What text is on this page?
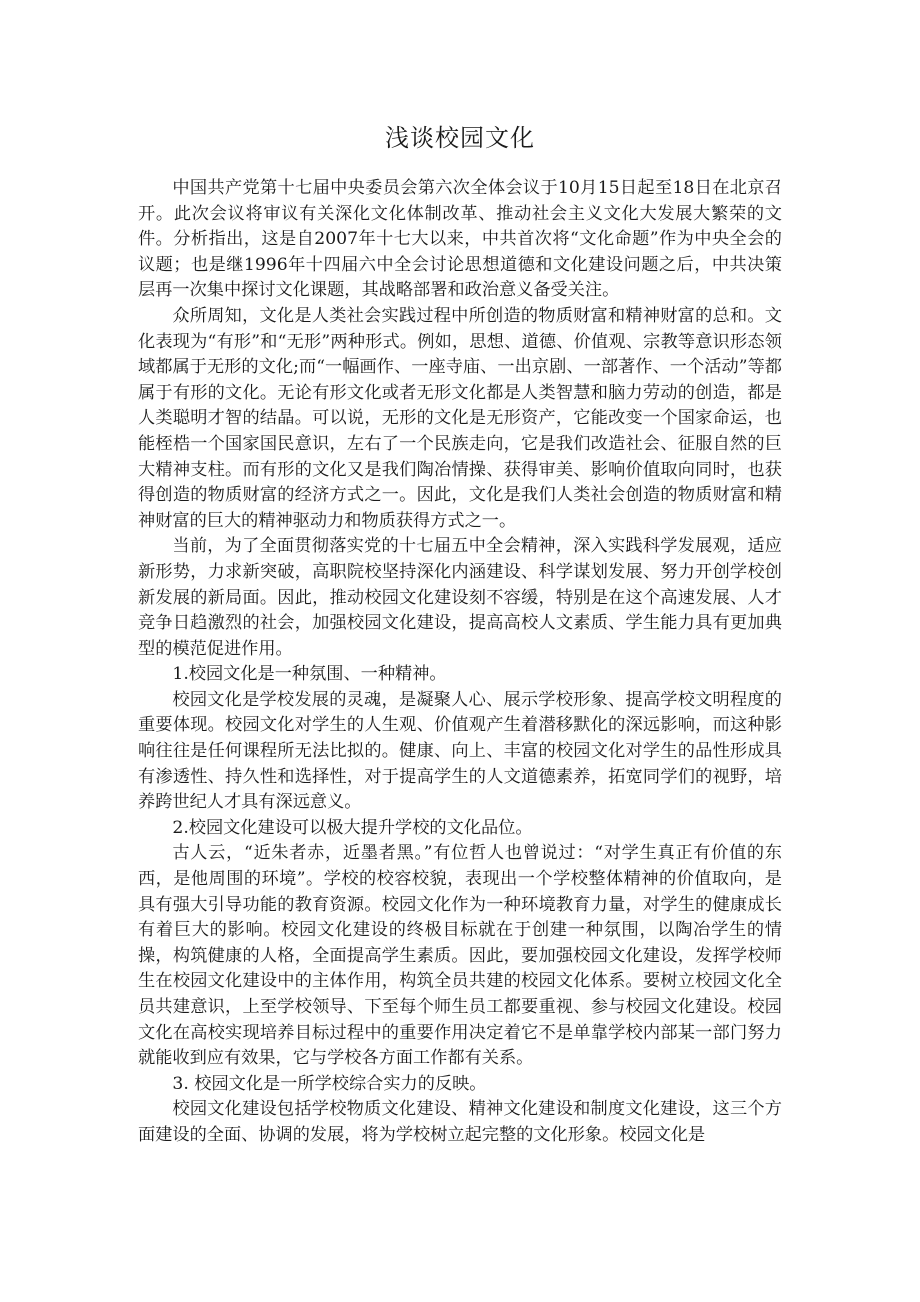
浅谈校园文化

中国共产党第十七届中央委员会第六次全体会议于10月15日起至18日在北京召开。此次会议将审议有关深化文化体制改革、推动社会主义文化大发展大繁荣的文件。分析指出，这是自2007年十七大以来，中共首次将“文化命题”作为中央全会的议题；也是继1996年十四届六中全会讨论思想道德和文化建设问题之后，中共决策层再一次集中探讨文化课题，其战略部署和政治意义备受关注。

众所周知，文化是人类社会实践过程中所创造的物质财富和精神财富的总和。文化表现为“有形”和“无形”两种形式。例如，思想、道德、价值观、宗教等意识形态领域都属于无形的文化;而“一幅画作、一座寺庙、一出京剧、一部著作、一个活动”等都属于有形的文化。无论有形文化或者无形文化都是人类智慧和脑力劳动的创造，都是人类聪明才智的结晶。可以说，无形的文化是无形资产，它能改变一个国家命运，也能桎梏一个国家国民意识，左右了一个民族走向，它是我们改造社会、征服自然的巨大精神支柱。而有形的文化又是我们陶冶情操、获得审美、影响价值取向同时，也获得创造的物质财富的经济方式之一。因此，文化是我们人类社会创造的物质财富和精神财富的巨大的精神驱动力和物质获得方式之一。

当前，为了全面贯彻落实党的十七届五中全会精神，深入实践科学发展观，适应新形势，力求新突破，高职院校坚持深化内涵建设、科学谋划发展、努力开创学校创新发展的新局面。因此，推动校园文化建设刻不容缓，特别是在这个高速发展、人才竞争日趋激烈的社会，加强校园文化建设，提高高校人文素质、学生能力具有更加典型的模范促进作用。

1.校园文化是一种氛围、一种精神。

校园文化是学校发展的灵魂，是凝聚人心、展示学校形象、提高学校文明程度的重要体现。校园文化对学生的人生观、价值观产生着潜移默化的深远影响，而这种影响往往是任何课程所无法比拟的。健康、向上、丰富的校园文化对学生的品性形成具有渗透性、持久性和选择性，对于提高学生的人文道德素养，拓宽同学们的视野，培养跨世纪人才具有深远意义。

2.校园文化建设可以极大提升学校的文化品位。

古人云，“近朱者赤，近墨者黑。”有位哲人也曾说过：“对学生真正有价值的东西，是他周围的环境”。学校的校容校貌，表现出一个学校整体精神的价值取向，是具有强大引导功能的教育资源。校园文化作为一种环境教育力量，对学生的健康成长有着巨大的影响。校园文化建设的终极目标就在于创建一种氛围，以陶冶学生的情操，构筑健康的人格，全面提高学生素质。因此，要加强校园文化建设，发挥学校师生在校园文化建设中的主体作用，构筑全员共建的校园文化体系。要树立校园文化全员共建意识，上至学校领导、下至每个师生员工都要重视、参与校园文化建设。校园文化在高校实现培养目标过程中的重要作用决定着它不是单靠学校内部某一部门努力就能收到应有效果，它与学校各方面工作都有关系。

3. 校园文化是一所学校综合实力的反映。

校园文化建设包括学校物质文化建设、精神文化建设和制度文化建设，这三个方面建设的全面、协调的发展，将为学校树立起完整的文化形象。校园文化是
